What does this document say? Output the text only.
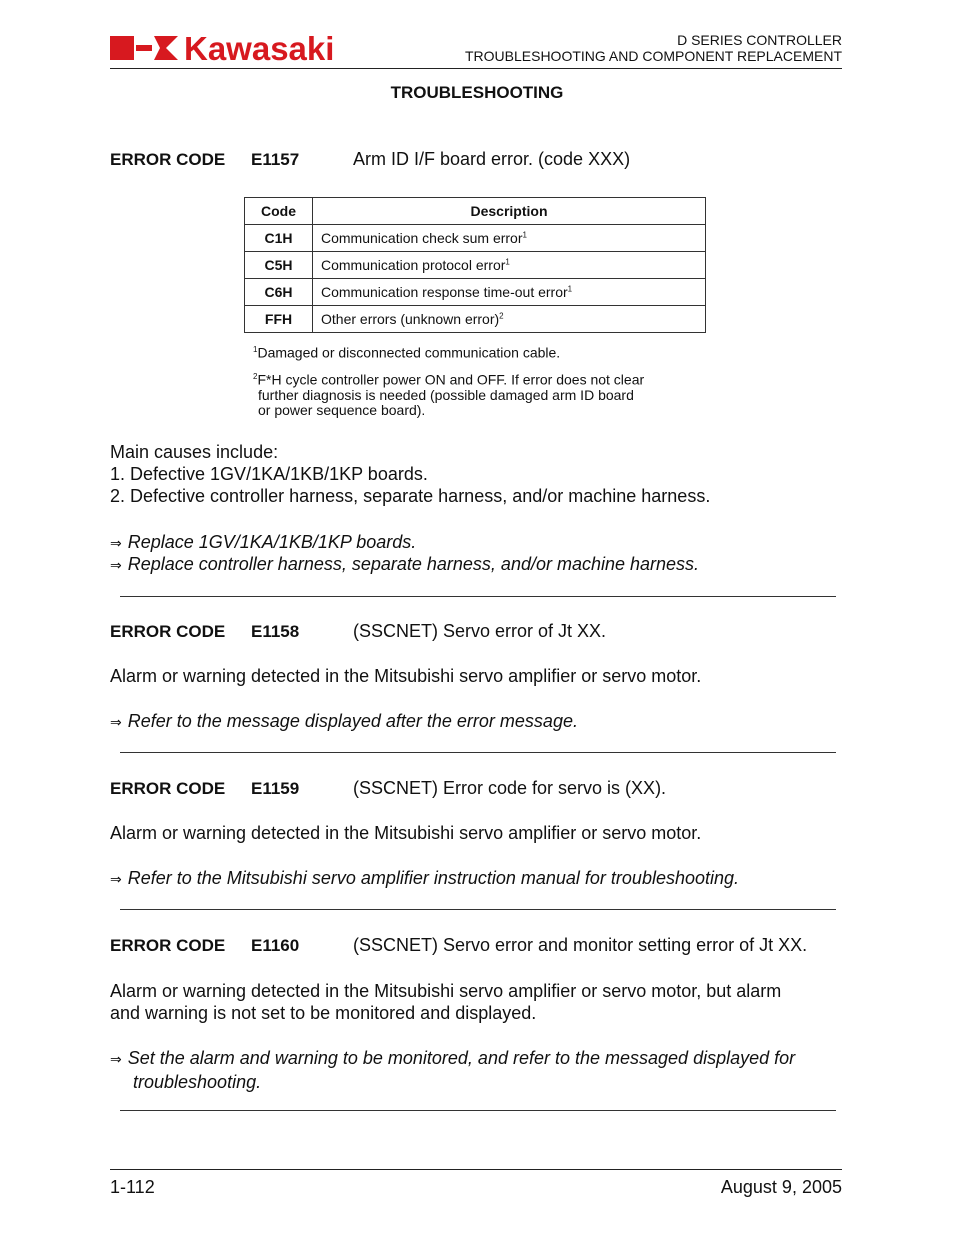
Kawasaki	D SERIES CONTROLLER
TROUBLESHOOTING AND COMPONENT REPLACEMENT
TROUBLESHOOTING
ERROR CODE E1157	Arm ID I/F board error. (code XXX)
Code	Description
C1H	Communication check sum error$^1$
C5H	Communication protocol error$^1$
C6H	Communication response time-out error$^1$
FFH	Other errors (unknown error)$^2$
$^1$Damaged or disconnected communication cable.
$^2$F*H cycle controller power ON and OFF. If error does not clear
further diagnosis is needed (possible damaged arm ID board
or power sequence board).
Main causes include:
1. Defective 1GV/1KA/1KB/1KP boards.
2. Defective controller harness, separate harness, and/or machine harness.
⇒ Replace 1GV/1KA/1KB/1KP boards.
⇒ Replace controller harness, separate harness, and/or machine harness.
ERROR CODE E1158	(SSCNET) Servo error of Jt XX.
Alarm or warning detected in the Mitsubishi servo amplifier or servo motor.
⇒ Refer to the message displayed after the error message.
ERROR CODE E1159	(SSCNET) Error code for servo is (XX).
Alarm or warning detected in the Mitsubishi servo amplifier or servo motor.
⇒ Refer to the Mitsubishi servo amplifier instruction manual for troubleshooting.
ERROR CODE E1160	(SSCNET) Servo error and monitor setting error of Jt XX.
Alarm or warning detected in the Mitsubishi servo amplifier or servo motor, but alarm
and warning is not set to be monitored and displayed.
⇒ Set the alarm and warning to be monitored, and refer to the messaged displayed for
troubleshooting.
1-112	August 9, 2005
